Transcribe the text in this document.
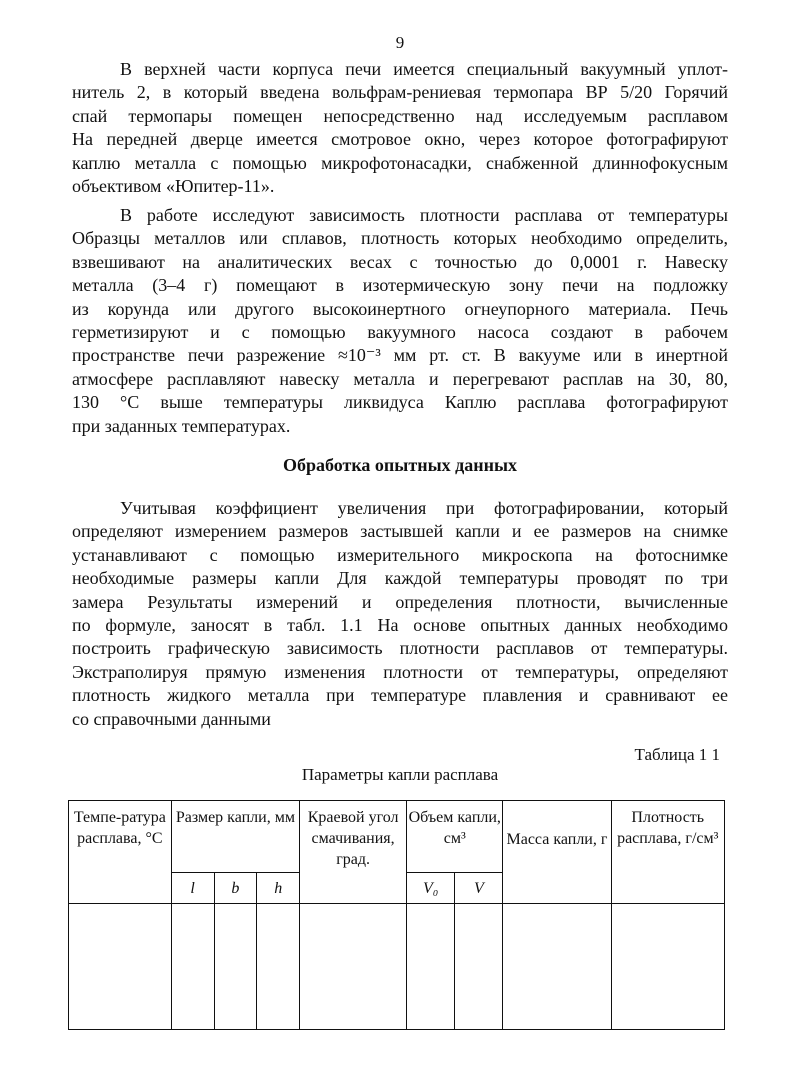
9
В верхней части корпуса печи имеется специальный вакуумный уплот-
нитель 2, в который введена вольфрам-рениевая термопара ВР 5/20 Горячий
спай термопары помещен непосредственно над исследуемым расплавом
На передней дверце имеется смотровое окно, через которое фотографируют
каплю металла с помощью микрофотонасадки, снабженной длиннофокусным
объективом «Юпитер-11».
В работе исследуют зависимость плотности расплава от температуры
Образцы металлов или сплавов, плотность которых необходимо определить,
взвешивают на аналитических весах с точностью до 0,0001 г. Навеску
металла (3–4 г) помещают в изотермическую зону печи на подложку
из корунда или другого высокоинертного огнеупорного материала. Печь
герметизируют и с помощью вакуумного насоса создают в рабочем
пространстве печи разрежение ≈10⁻³ мм рт. ст. В вакууме или в инертной
атмосфере расплавляют навеску металла и перегревают расплав на 30, 80,
130 °С выше температуры ликвидуса Каплю расплава фотографируют
при заданных температурах.
Обработка опытных данных
Учитывая коэффициент увеличения при фотографировании, который
определяют измерением размеров застывшей капли и ее размеров на снимке
устанавливают с помощью измерительного микроскопа на фотоснимке
необходимые размеры капли Для каждой температуры проводят по три
замера Результаты измерений и определения плотности, вычисленные
по формуле, заносят в табл. 1.1 На основе опытных данных необходимо
построить графическую зависимость плотности расплавов от температуры.
Экстраполируя прямую изменения плотности от температуры, определяют
плотность жидкого металла при температуре плавления и сравнивают ее
со справочными данными
Таблица 1 1
Параметры капли расплава
Темпе-ратура расплава, °С	Размер капли, мм			Краевой угол смачивания, град.	Объем капли, см³		Масса капли, г	Плотность расплава, г/см³
	l	b	h		V₀	V		
